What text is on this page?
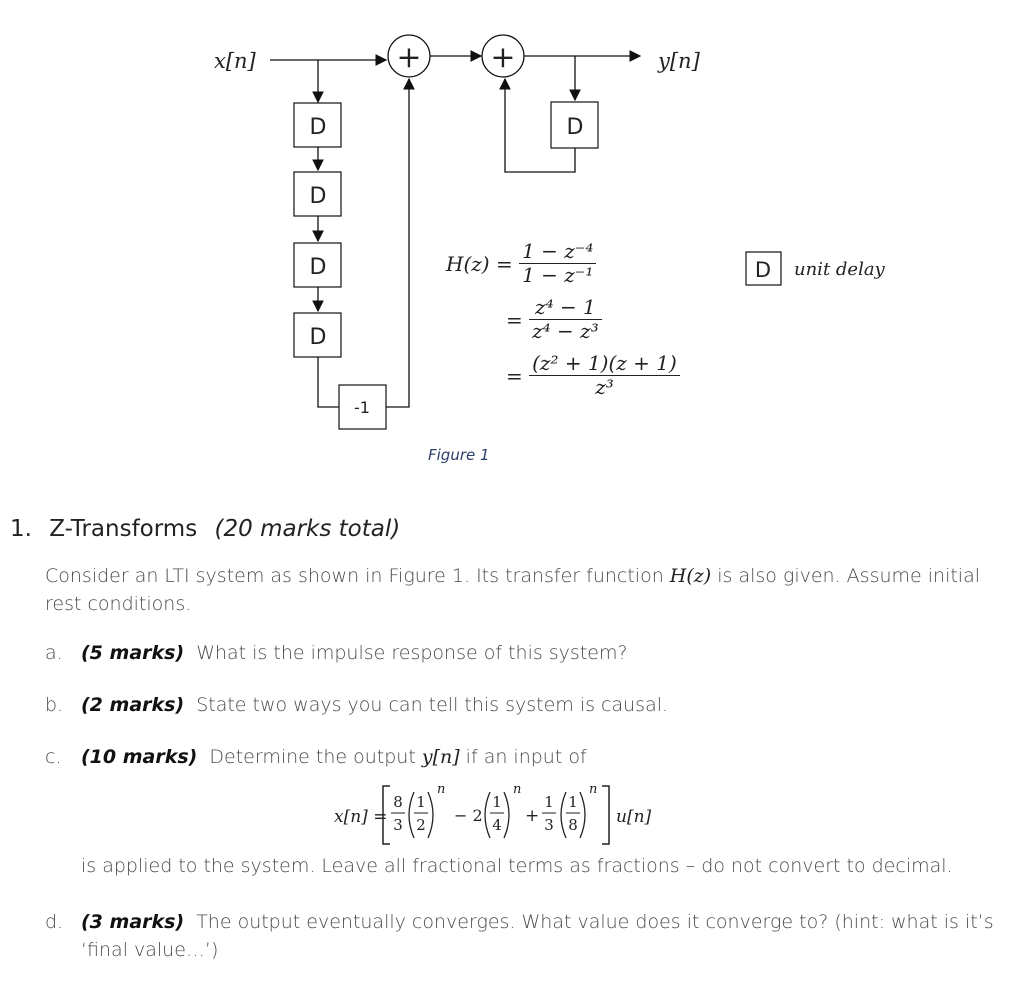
x[n]
D
D
D
D
-1
+ +	y[n]
D
D unit delay
Figure 1
$H(z) = \frac{\text{1 − z⁻⁴}}{\text{1 − z⁻¹}}$
= $\frac{\text{z⁴ − 1}}{\text{z⁴ − z³}}$
= $\frac{\text{(z² + 1)(z + 1)}}{\text{z³}}$
1. Z-Transforms (20 marks total)
Consider an LTI system as shown in Figure 1. Its transfer function H(z) is also given. Assume initial
rest conditions.
a. (5 marks) What is the impulse response of this system?
b. (2 marks) State two ways you can tell this system is causal.
c. (10 marks) Determine the output y[n] if an input of
x[n] =
8
3
1
2
n
− 2
1
4
n
+
1
3
1
8
n
u[n]
is applied to the system. Leave all fractional terms as fractions – do not convert to decimal.
d. (3 marks) The output eventually converges. What value does it converge to? (hint: what is it’s
‘final value…’)
